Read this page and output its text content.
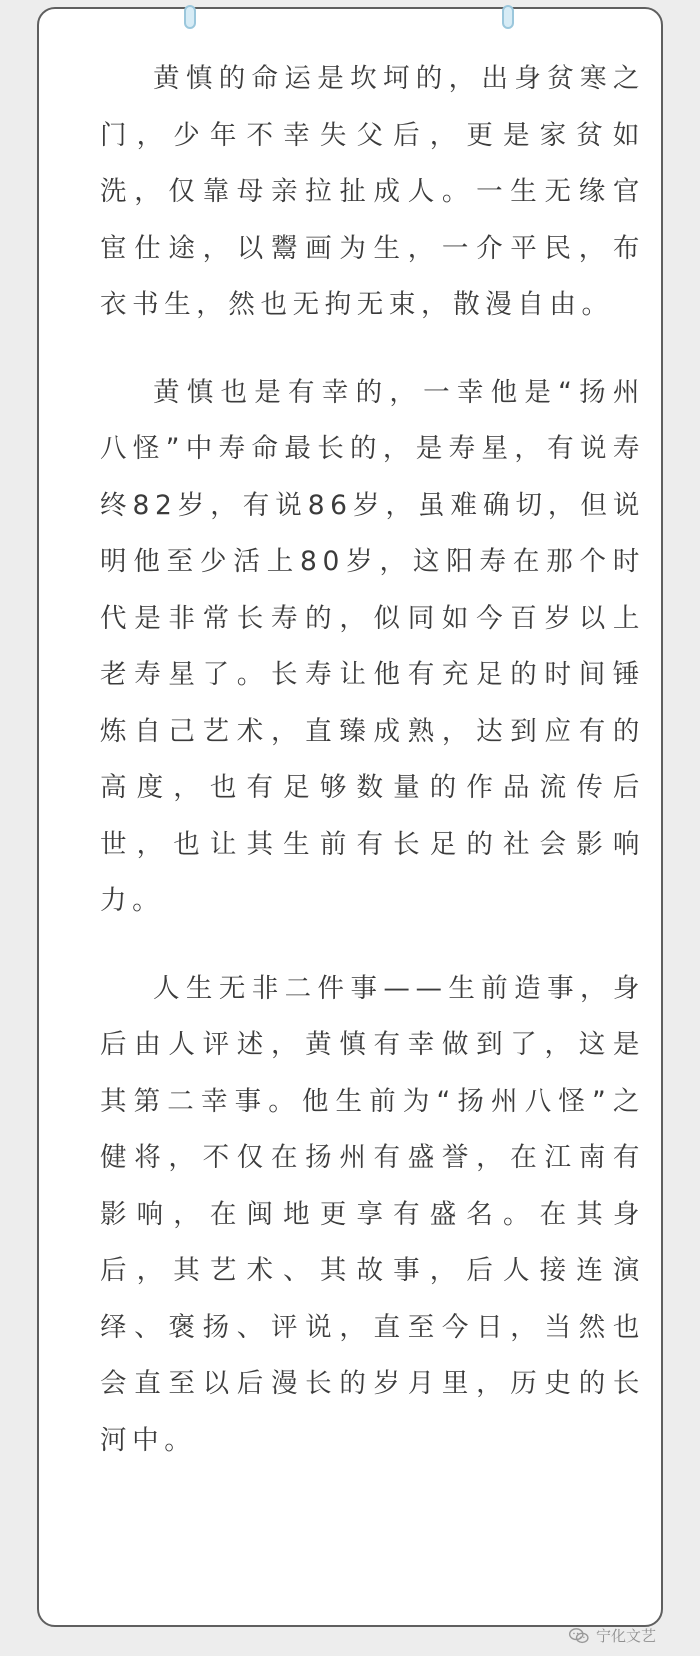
黄慎的命运是坎坷的，出身贫寒之门，少年不幸失父后，更是家贫如洗，仅靠母亲拉扯成人。一生无缘官宦仕途，以鬻画为生，一介平民，布衣书生，然也无拘无束，散漫自由。

黄慎也是有幸的，一幸他是“扬州八怪”中寿命最长的，是寿星，有说寿终82岁，有说86岁，虽难确切，但说明他至少活上80岁，这阳寿在那个时代是非常长寿的，似同如今百岁以上老寿星了。长寿让他有充足的时间锤炼自己艺术，直臻成熟，达到应有的高度，也有足够数量的作品流传后世，也让其生前有长足的社会影响力。

人生无非二件事——生前造事，身后由人评述，黄慎有幸做到了，这是其第二幸事。他生前为“扬州八怪”之健将，不仅在扬州有盛誉，在江南有影响，在闽地更享有盛名。在其身后，其艺术、其故事，后人接连演绎、褒扬、评说，直至今日，当然也会直至以后漫长的岁月里，历史的长河中。

宁化文艺
